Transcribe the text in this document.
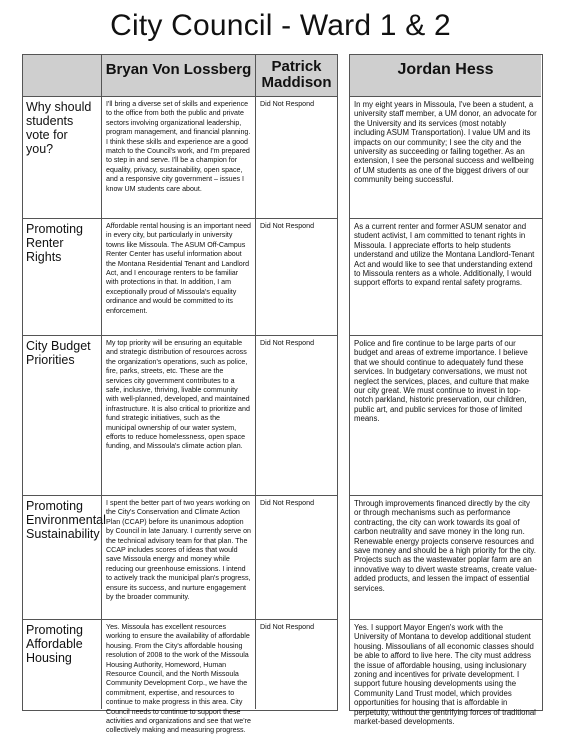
City Council - Ward 1 & 2
Bryan Von Lossberg	Patrick Maddison
Why should students vote for you?
I'll bring a diverse set of skills and experience to the office from both the public and private sectors involving organizational leadership, program management, and financial planning. I think these skills and experience are a good match to the Council's work, and I'm prepared to step in and serve. I'll be a champion for equality, privacy, sustainability, open space, and a responsive city government – issues I know UM students care about.
Did Not Respond
Promoting Renter Rights
Affordable rental housing is an important need in every city, but particularly in university towns like Missoula. The ASUM Off-Campus Renter Center has useful information about the Montana Residential Tenant and Landlord Act, and I encourage renters to be familiar with protections in that. In addition, I am exceptionally proud of Missoula's equality ordinance and would be committed to its enforcement.
Did Not Respond
City Budget Priorities
My top priority will be ensuring an equitable and strategic distribution of resources across the organization's operations, such as police, fire, parks, streets, etc. These are the services city government contributes to a safe, inclusive, thriving, livable community with well-planned, developed, and maintained infrastructure. It is also critical to prioritize and fund strategic initiatives, such as the municipal ownership of our water system, efforts to reduce homelessness, open space funding, and Missoula's climate action plan.
Did Not Respond
Promoting Environmental Sustainability
I spent the better part of two years working on the City's Conservation and Climate Action Plan (CCAP) before its unanimous adoption by Council in late January. I currently serve on the technical advisory team for that plan. The CCAP includes scores of ideas that would save Missoula energy and money while reducing our greenhouse emissions. I intend to actively track the municipal plan's progress, ensure its success, and nurture engagement by the broader community.
Did Not Respond
Promoting Affordable Housing
Yes. Missoula has excellent resources working to ensure the availability of affordable housing. From the City's affordable housing resolution of 2008 to the work of the Missoula Housing Authority, Homeword, Human Resource Council, and the North Missoula Community Development Corp., we have the commitment, expertise, and resources to continue to make progress in this area. City Council needs to continue to support these activities and organizations and see that we're collectively making and measuring progress.
Did Not Respond
Jordan Hess
In my eight years in Missoula, I've been a student, a university staff member, a UM donor, an advocate for the University and its services (most notably including ASUM Transportation). I value UM and its impacts on our community; I see the city and the university as succeeding or failing together. As an extension, I see the personal success and wellbeing of UM students as one of the biggest drivers of our community being successful.
As a current renter and former ASUM senator and student activist, I am committed to tenant rights in Missoula. I appreciate efforts to help students understand and utilize the Montana Landlord-Tenant Act and would like to see that understanding extend to Missoula renters as a whole. Additionally, I would support efforts to expand rental safety programs.
Police and fire continue to be large parts of our budget and areas of extreme importance. I believe that we should continue to adequately fund these services. In budgetary conversations, we must not neglect the services, places, and culture that make our city great. We must continue to invest in top-notch parkland, historic preservation, our children, public art, and public services for those of limited means.
Through improvements financed directly by the city or through mechanisms such as performance contracting, the city can work towards its goal of carbon neutrality and save money in the long run.
Renewable energy projects conserve resources and save money and should be a high priority for the city. Projects such as the wastewater poplar farm are an innovative way to divert waste streams, create value-added products, and lessen the impact of essential services.
Yes. I support Mayor Engen's work with the University of Montana to develop additional student housing. Missoulians of all economic classes should be able to afford to live here. The city must address the issue of affordable housing, using inclusionary zoning and incentives for private development. I support future housing developments using the Community Land Trust model, which provides opportunities for housing that is affordable in perpetuity, without the gentrifying forces of traditional market-based developments.
